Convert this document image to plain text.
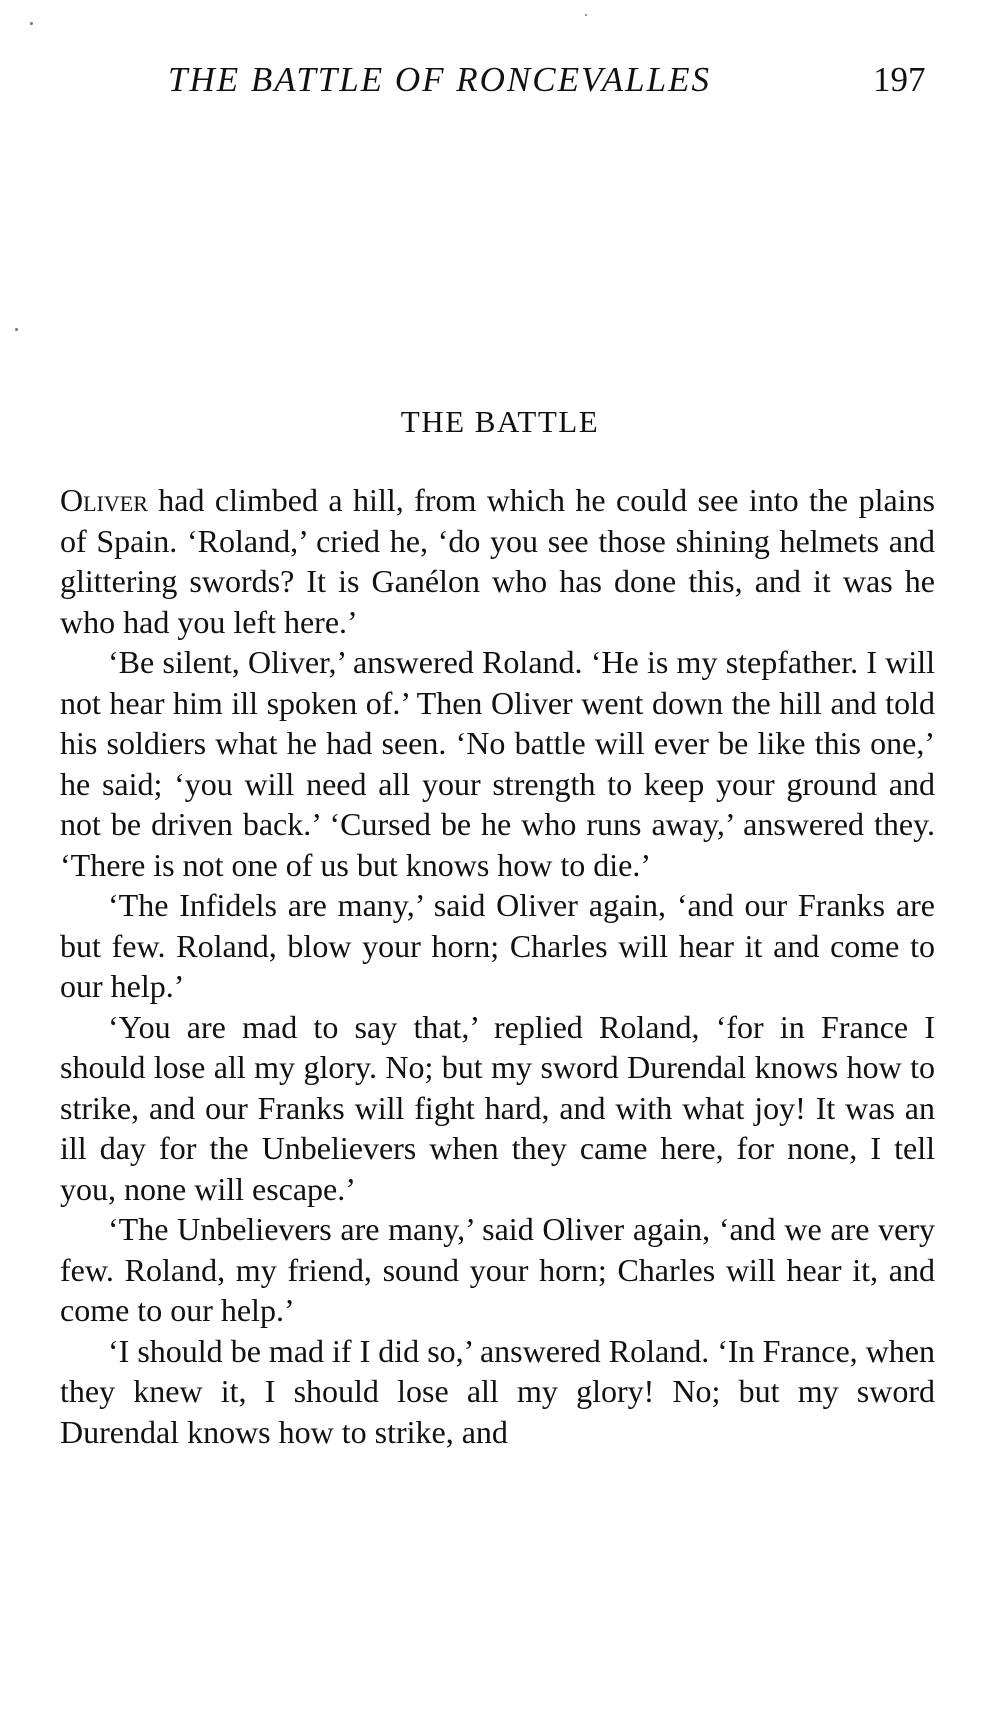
THE BATTLE OF RONCEVALLES	197
THE BATTLE

Oliver had climbed a hill, from which he could see into the plains of Spain. ‘Roland,’ cried he, ‘do you see those shining helmets and glittering swords? It is Ganélon who has done this, and it was he who had you left here.’

‘Be silent, Oliver,’ answered Roland. ‘He is my stepfather. I will not hear him ill spoken of.’ Then Oliver went down the hill and told his soldiers what he had seen. ‘No battle will ever be like this one,’ he said; ‘you will need all your strength to keep your ground and not be driven back.’ ‘Cursed be he who runs away,’ answered they. ‘There is not one of us but knows how to die.’

‘The Infidels are many,’ said Oliver again, ‘and our Franks are but few. Roland, blow your horn; Charles will hear it and come to our help.’

‘You are mad to say that,’ replied Roland, ‘for in France I should lose all my glory. No; but my sword Durendal knows how to strike, and our Franks will fight hard, and with what joy! It was an ill day for the Unbelievers when they came here, for none, I tell you, none will escape.’

‘The Unbelievers are many,’ said Oliver again, ‘and we are very few. Roland, my friend, sound your horn; Charles will hear it, and come to our help.’

‘I should be mad if I did so,’ answered Roland. ‘In France, when they knew it, I should lose all my glory! No; but my sword Durendal knows how to strike, and
